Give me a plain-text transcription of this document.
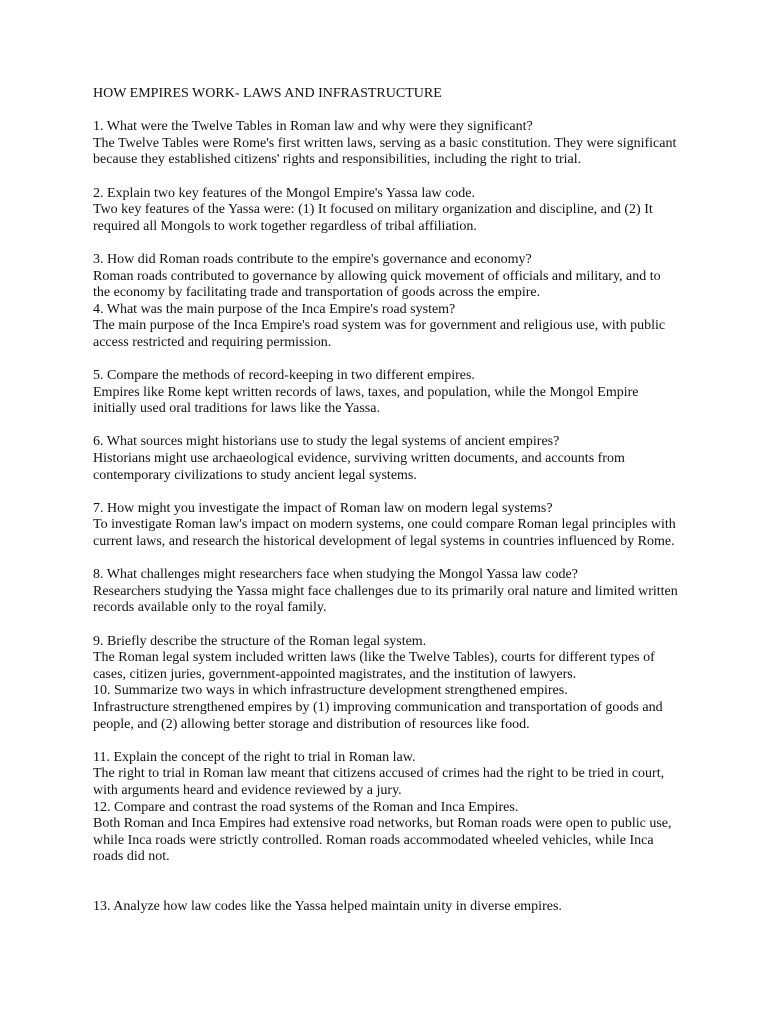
HOW EMPIRES WORK- LAWS AND INFRASTRUCTURE
1. What were the Twelve Tables in Roman law and why were they significant?
The Twelve Tables were Rome's first written laws, serving as a basic constitution. They were significant because they established citizens' rights and responsibilities, including the right to trial.
2. Explain two key features of the Mongol Empire's Yassa law code.
Two key features of the Yassa were: (1) It focused on military organization and discipline, and (2) It required all Mongols to work together regardless of tribal affiliation.
3. How did Roman roads contribute to the empire's governance and economy?
Roman roads contributed to governance by allowing quick movement of officials and military, and to the economy by facilitating trade and transportation of goods across the empire.
4. What was the main purpose of the Inca Empire's road system?
The main purpose of the Inca Empire's road system was for government and religious use, with public access restricted and requiring permission.
5. Compare the methods of record-keeping in two different empires.
Empires like Rome kept written records of laws, taxes, and population, while the Mongol Empire initially used oral traditions for laws like the Yassa.
6. What sources might historians use to study the legal systems of ancient empires?
Historians might use archaeological evidence, surviving written documents, and accounts from contemporary civilizations to study ancient legal systems.
7. How might you investigate the impact of Roman law on modern legal systems?
To investigate Roman law's impact on modern systems, one could compare Roman legal principles with current laws, and research the historical development of legal systems in countries influenced by Rome.
8. What challenges might researchers face when studying the Mongol Yassa law code?
Researchers studying the Yassa might face challenges due to its primarily oral nature and limited written records available only to the royal family.
9. Briefly describe the structure of the Roman legal system.
The Roman legal system included written laws (like the Twelve Tables), courts for different types of cases, citizen juries, government-appointed magistrates, and the institution of lawyers.
10. Summarize two ways in which infrastructure development strengthened empires.
Infrastructure strengthened empires by (1) improving communication and transportation of goods and people, and (2) allowing better storage and distribution of resources like food.
11. Explain the concept of the right to trial in Roman law.
The right to trial in Roman law meant that citizens accused of crimes had the right to be tried in court, with arguments heard and evidence reviewed by a jury.
12. Compare and contrast the road systems of the Roman and Inca Empires.
Both Roman and Inca Empires had extensive road networks, but Roman roads were open to public use, while Inca roads were strictly controlled. Roman roads accommodated wheeled vehicles, while Inca roads did not.
13. Analyze how law codes like the Yassa helped maintain unity in diverse empires.
